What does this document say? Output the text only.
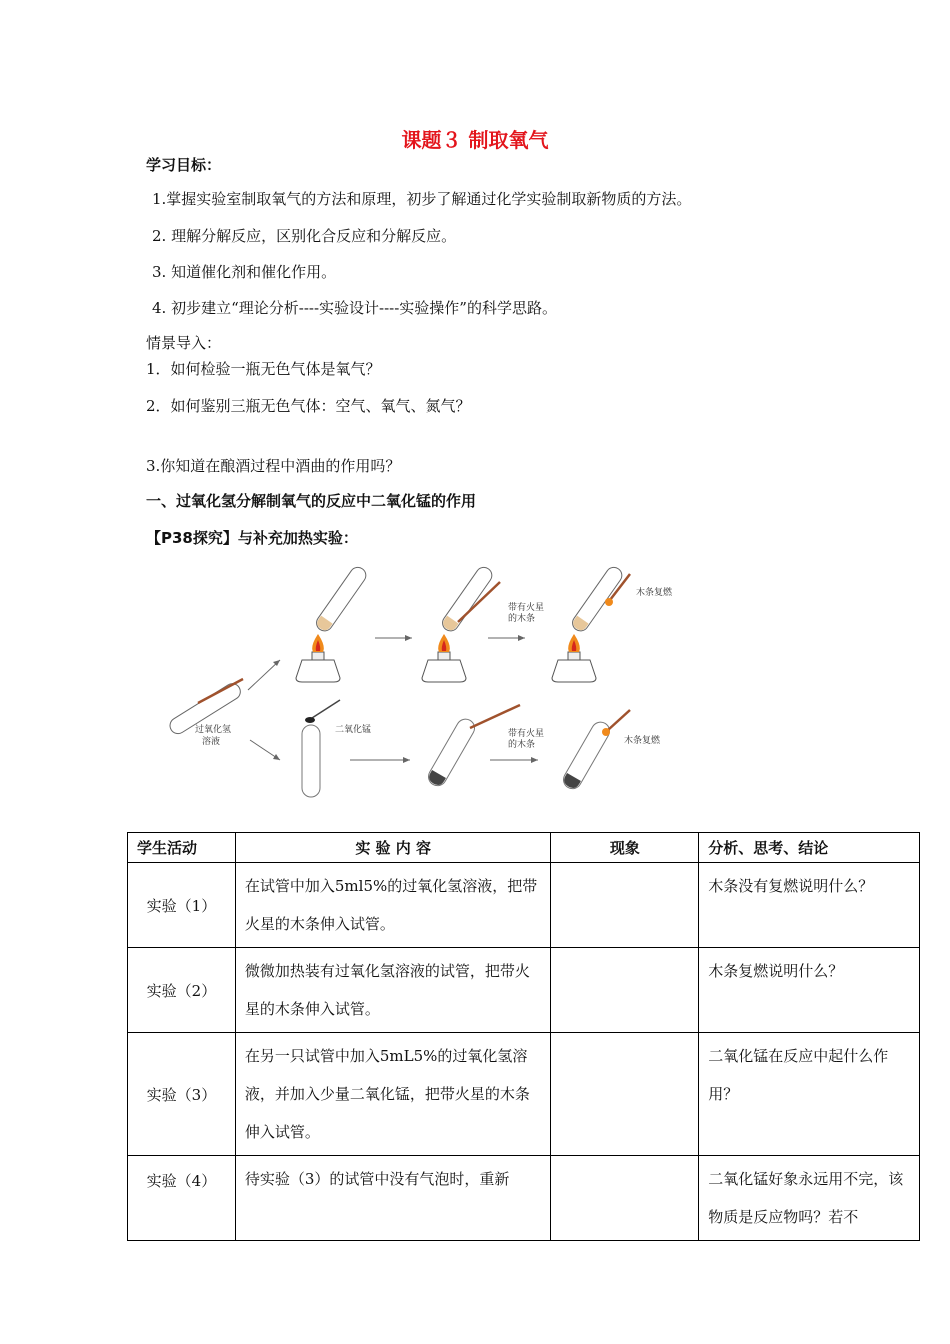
课题３ 制取氧气
学习目标：
1.掌握实验室制取氧气的方法和原理，初步了解通过化学实验制取新物质的方法。
2. 理解分解反应，区别化合反应和分解反应。
3. 知道催化剂和催化作用。
4. 初步建立“理论分析----实验设计----实验操作”的科学思路。
情景导入：
1．如何检验一瓶无色气体是氧气？
2．如何鉴别三瓶无色气体：空气、氧气、氮气？
3.你知道在酿酒过程中酒曲的作用吗？
一、过氧化氢分解制氧气的反应中二氧化锰的作用
【P38探究】与补充加热实验：
过氧化氢
溶液
带有火星
的木条
木条复燃
二氧化锰	带有火星
的木条	木条复燃
学生活动	实 验 内 容	现象	分析、思考、结论
实验（1）	在试管中加入5ml5%的过氧化氢溶液，把带火星的木条伸入试管。		木条没有复燃说明什么？
实验（2）	微微加热装有过氧化氢溶液的试管，把带火星的木条伸入试管。		木条复燃说明什么？
实验（3）	在另一只试管中加入5mL5%的过氧化氢溶液，并加入少量二氧化锰，把带火星的木条伸入试管。		二氧化锰在反应中起什么作用？
实验（4）	待实验（3）的试管中没有气泡时，重新		二氧化锰好象永远用不完，该物质是反应物吗？若不
